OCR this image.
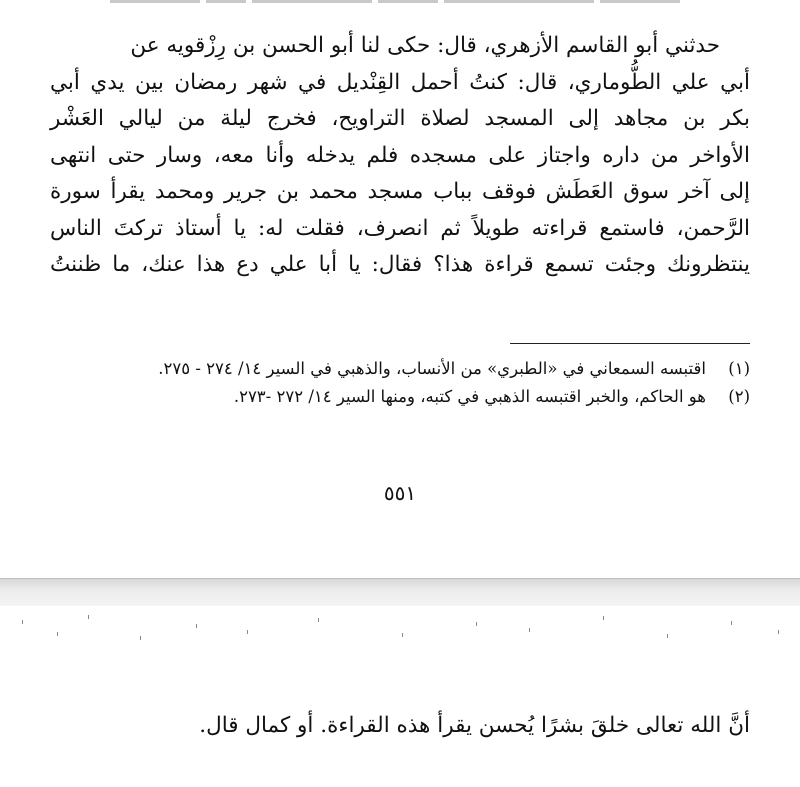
حدثني أبو القاسم الأزهري، قال: حكى لنا أبو الحسن بن رِزْقويه عن
أبي علي الطُّوماري، قال: كنتُ أحمل القِنْديل في شهر رمضان بين يدي أبي
بكر بن مجاهد إلى المسجد لصلاة التراويح، فخرج ليلة من ليالي العَشْر
الأواخر من داره واجتاز على مسجده فلم يدخله وأنا معه، وسار حتى انتهى
إلى آخر سوق العَطَش فوقف بباب مسجد محمد بن جرير ومحمد يقرأ سورة
الرَّحمن، فاستمع قراءته طويلاً ثم انصرف، فقلت له: يا أستاذ تركتَ الناس
ينتظرونك وجئت تسمع قراءة هذا؟ فقال: يا أبا علي دع هذا عنك، ما ظننتُ
(١)
اقتبسه السمعاني في «الطبري» من الأنساب، والذهبي في السير ١٤/ ٢٧٤ - ٢٧٥.
(٢)
هو الحاكم، والخبر اقتبسه الذهبي في كتبه، ومنها السير ١٤/ ٢٧٢ -٢٧٣.
٥٥١
أنَّ الله تعالى خلقَ بشرًا يُحسن يقرأ هذه القراءة. أو كمال قال.
